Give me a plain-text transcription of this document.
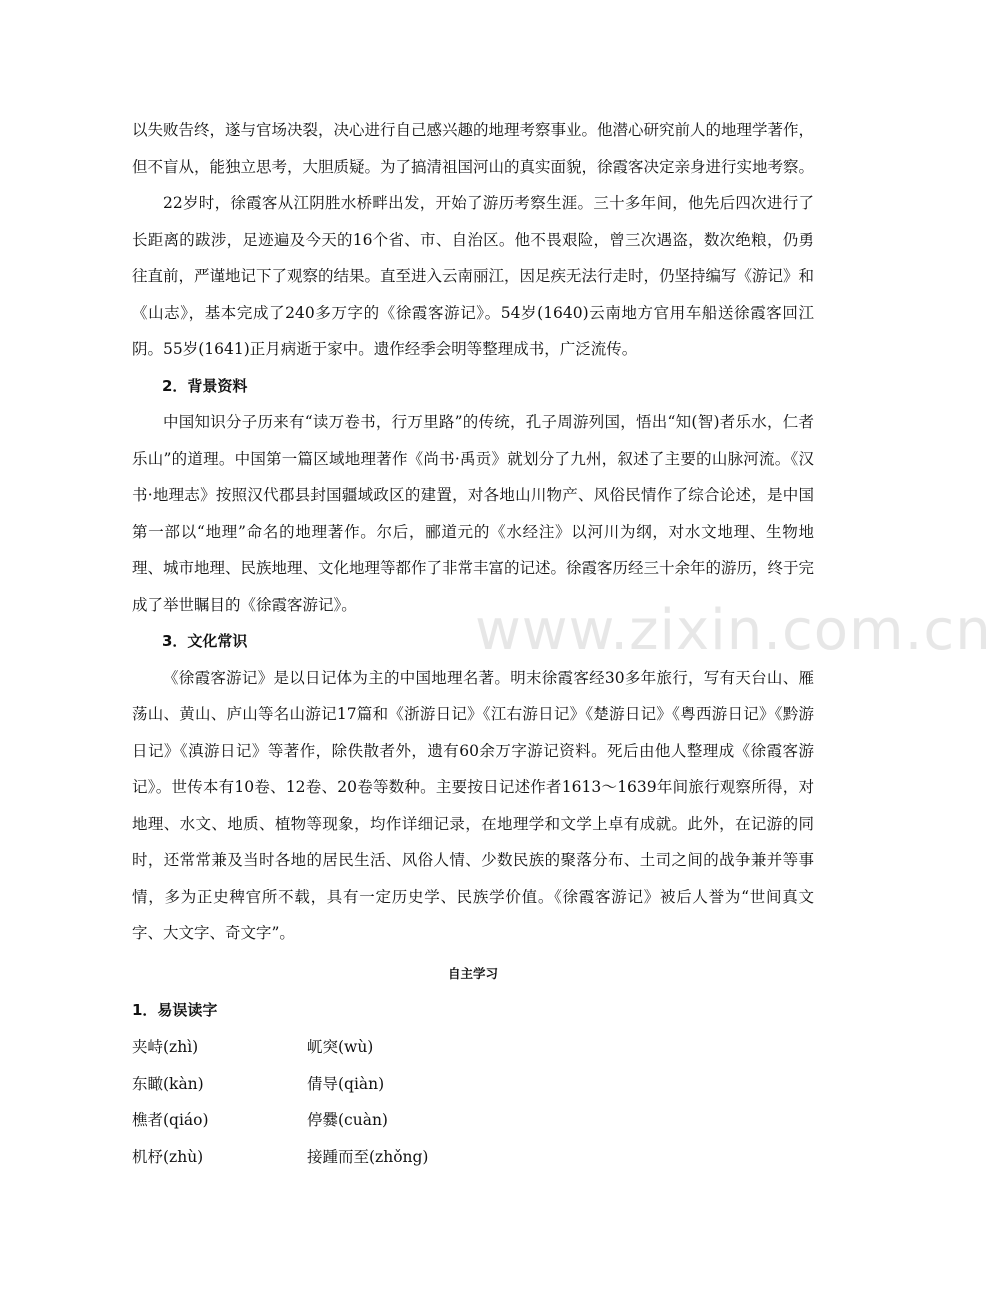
以失败告终，遂与官场决裂，决心进行自己感兴趣的地理考察事业。他潜心研究前人的地理学著作，但不盲从，能独立思考，大胆质疑。为了搞清祖国河山的真实面貌，徐霞客决定亲身进行实地考察。

22岁时，徐霞客从江阴胜水桥畔出发，开始了游历考察生涯。三十多年间，他先后四次进行了长距离的跋涉，足迹遍及今天的16个省、市、自治区。他不畏艰险，曾三次遇盗，数次绝粮，仍勇往直前，严谨地记下了观察的结果。直至进入云南丽江，因足疾无法行走时，仍坚持编写《游记》和《山志》，基本完成了240多万字的《徐霞客游记》。54岁(1640)云南地方官用车船送徐霞客回江阴。55岁(1641)正月病逝于家中。遗作经季会明等整理成书，广泛流传。

2．背景资料

中国知识分子历来有“读万卷书，行万里路”的传统，孔子周游列国，悟出“知(智)者乐水，仁者乐山”的道理。中国第一篇区域地理著作《尚书·禹贡》就划分了九州，叙述了主要的山脉河流。《汉书·地理志》按照汉代郡县封国疆域政区的建置，对各地山川物产、风俗民情作了综合论述，是中国第一部以“地理”命名的地理著作。尔后，郦道元的《水经注》以河川为纲，对水文地理、生物地理、城市地理、民族地理、文化地理等都作了非常丰富的记述。徐霞客历经三十余年的游历，终于完成了举世瞩目的《徐霞客游记》。

3．文化常识

《徐霞客游记》是以日记体为主的中国地理名著。明末徐霞客经30多年旅行，写有天台山、雁荡山、黄山、庐山等名山游记17篇和《浙游日记》《江右游日记》《楚游日记》《粤西游日记》《黔游日记》《滇游日记》等著作，除佚散者外，遗有60余万字游记资料。死后由他人整理成《徐霞客游记》。世传本有10卷、12卷、20卷等数种。主要按日记述作者1613～1639年间旅行观察所得，对地理、水文、地质、植物等现象，均作详细记录，在地理学和文学上卓有成就。此外，在记游的同时，还常常兼及当时各地的居民生活、风俗人情、少数民族的聚落分布、土司之间的战争兼并等事情，多为正史稗官所不载，具有一定历史学、民族学价值。《徐霞客游记》被后人誉为“世间真文字、大文字、奇文字”。

自主学习

1．易误读字

夹峙(zhì)	屼突(wù)
东瞰(kàn)	倩导(qiàn)
樵者(qiáo)	停爨(cuàn)
机杼(zhù)	接踵而至(zhǒng)
www.zixin.com.cn
